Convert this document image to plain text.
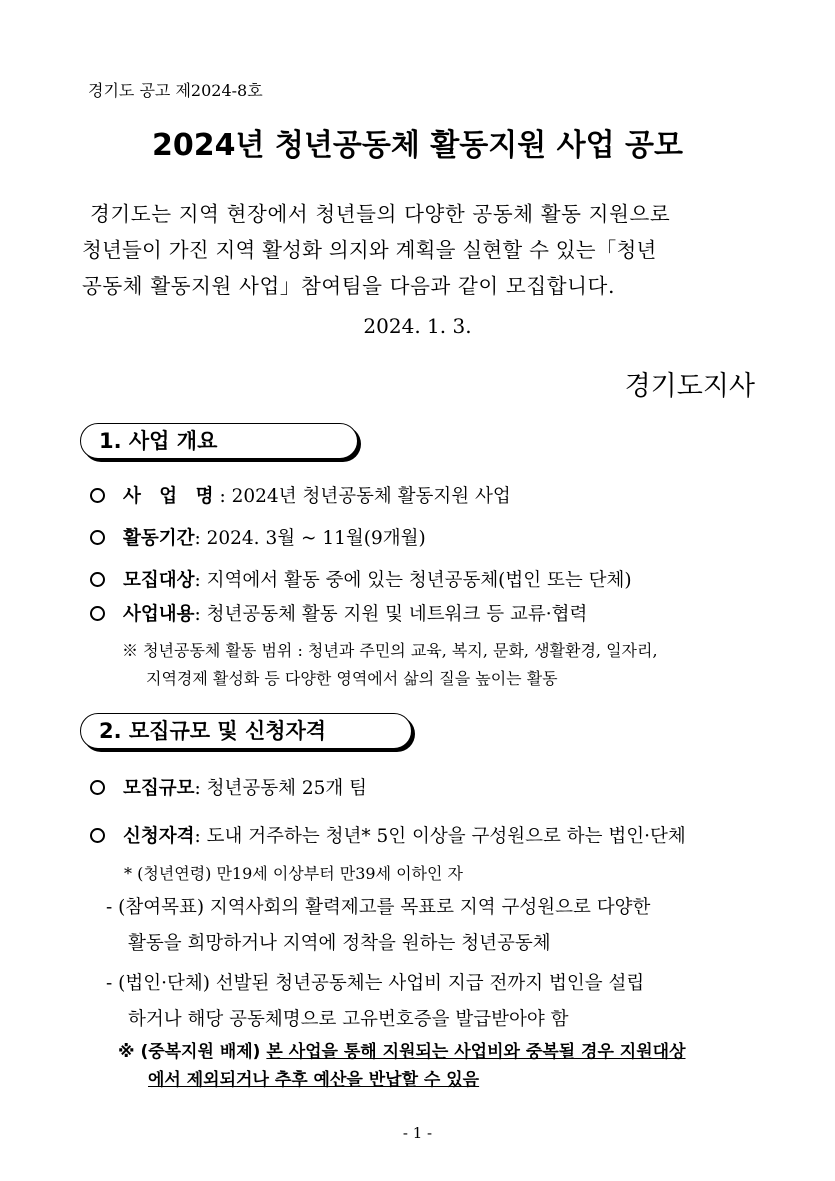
경기도 공고 제2024-8호
2024년 청년공동체 활동지원 사업 공모
경기도는 지역 현장에서 청년들의 다양한 공동체 활동 지원으로
청년들이 가진 지역 활성화 의지와 계획을 실현할 수 있는「청년
공동체 활동지원 사업」참여팀을 다음과 같이 모집합니다.
2024. 1. 3.
경기도지사
1. 사업 개요
사 업 명 : 2024년 청년공동체 활동지원 사업
활동기간 : 2024. 3월 ~ 11월(9개월)
모집대상 : 지역에서 활동 중에 있는 청년공동체(법인 또는 단체)
사업내용 : 청년공동체 활동 지원 및 네트워크 등 교류·협력
※ 청년공동체 활동 범위 : 청년과 주민의 교육, 복지, 문화, 생활환경, 일자리,
지역경제 활성화 등 다양한 영역에서 삶의 질을 높이는 활동
2. 모집규모 및 신청자격
모집규모 : 청년공동체 25개 팀
신청자격 : 도내 거주하는 청년* 5인 이상을 구성원으로 하는 법인·단체
* (청년연령) 만19세 이상부터 만39세 이하인 자
- (참여목표) 지역사회의 활력제고를 목표로 지역 구성원으로 다양한
활동을 희망하거나 지역에 정착을 원하는 청년공동체
- (법인·단체) 선발된 청년공동체는 사업비 지급 전까지 법인을 설립
하거나 해당 공동체명으로 고유번호증을 발급받아야 함
※ (중복지원 배제) 본 사업을 통해 지원되는 사업비와 중복될 경우 지원대상
에서 제외되거나 추후 예산을 반납할 수 있음
- 1 -
